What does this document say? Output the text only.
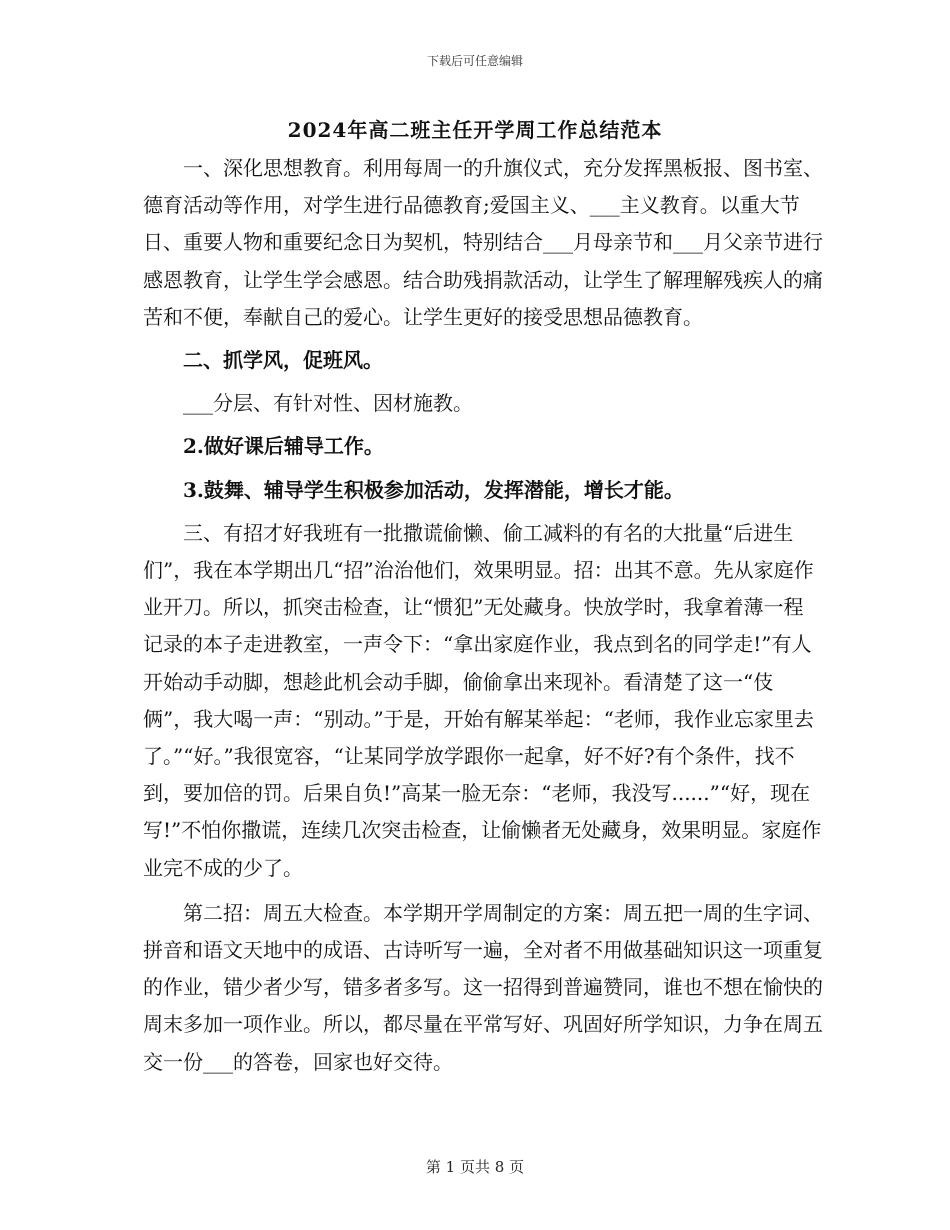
下载后可任意编辑
2024年高二班主任开学周工作总结范本

一、深化思想教育。利用每周一的升旗仪式，充分发挥黑板报、图书室、德育活动等作用，对学生进行品德教育;爱国主义、___主义教育。以重大节日、重要人物和重要纪念日为契机，特别结合___月母亲节和___月父亲节进行感恩教育，让学生学会感恩。结合助残捐款活动，让学生了解理解残疾人的痛苦和不便，奉献自己的爱心。让学生更好的接受思想品德教育。

二、抓学风，促班风。

___分层、有针对性、因材施教。

2.做好课后辅导工作。

3.鼓舞、辅导学生积极参加活动，发挥潜能，增长才能。

三、有招才好我班有一批撒谎偷懒、偷工减料的有名的大批量“后进生们”，我在本学期出几“招”治治他们，效果明显。招：出其不意。先从家庭作业开刀。所以，抓突击检查，让“惯犯”无处藏身。快放学时，我拿着薄一程记录的本子走进教室，一声令下：“拿出家庭作业，我点到名的同学走!”有人开始动手动脚，想趁此机会动手脚，偷偷拿出来现补。看清楚了这一“伎俩”，我大喝一声：“别动。”于是，开始有解某举起：“老师，我作业忘家里去了。”“好。”我很宽容，“让某同学放学跟你一起拿，好不好?有个条件，找不到，要加倍的罚。后果自负!”高某一脸无奈：“老师，我没写......”“好，现在写!”不怕你撒谎，连续几次突击检查，让偷懒者无处藏身，效果明显。家庭作业完不成的少了。

第二招：周五大检查。本学期开学周制定的方案：周五把一周的生字词、拼音和语文天地中的成语、古诗听写一遍，全对者不用做基础知识这一项重复的作业，错少者少写，错多者多写。这一招得到普遍赞同，谁也不想在愉快的周末多加一项作业。所以，都尽量在平常写好、巩固好所学知识，力争在周五交一份___的答卷，回家也好交待。

第 1 页共 8 页
